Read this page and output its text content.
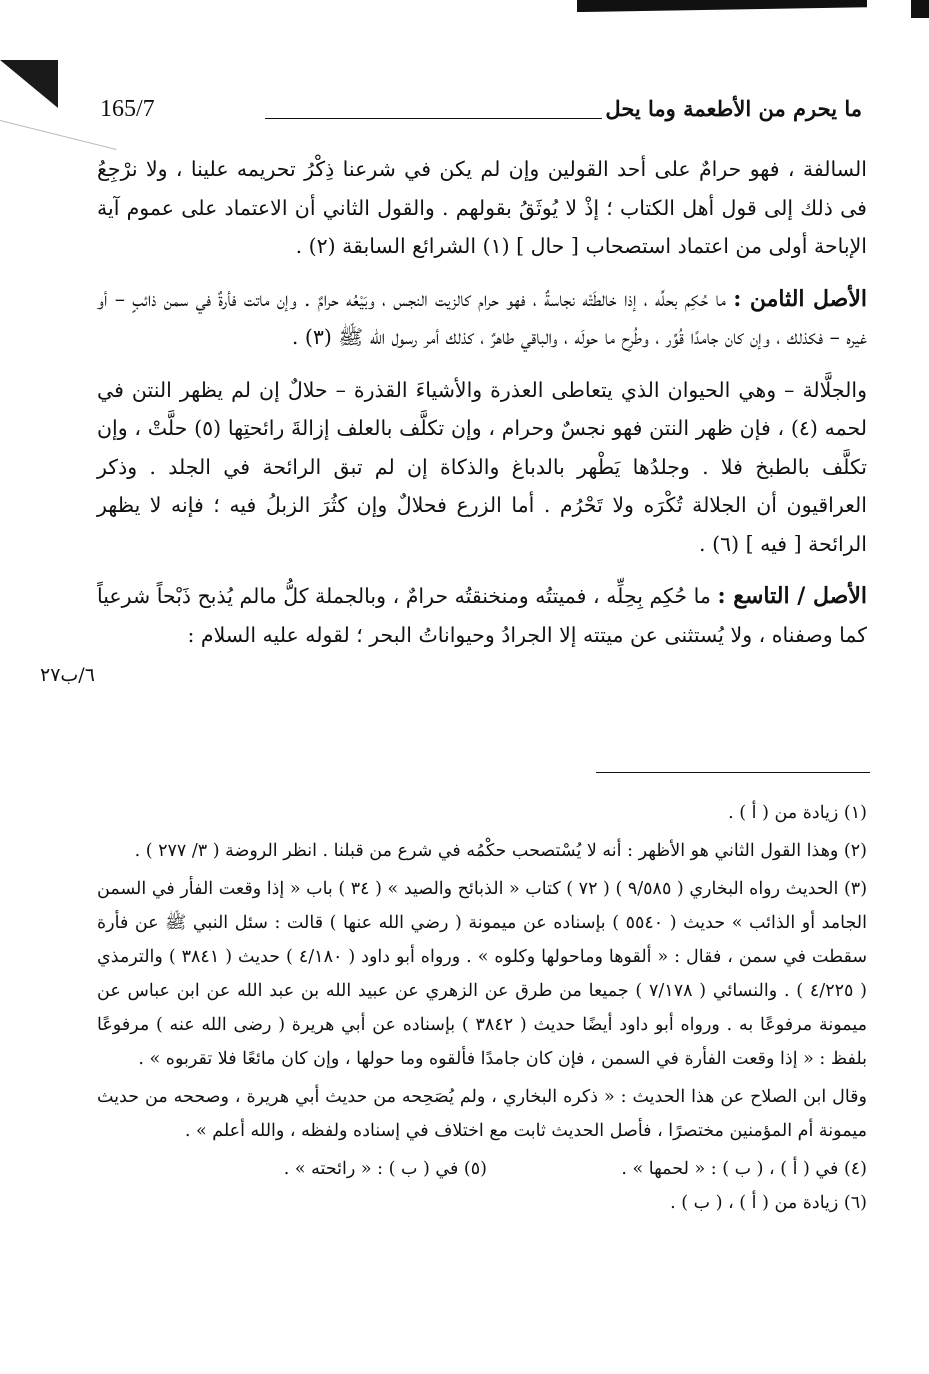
165/7	ما يحرم من الأطعمة وما يحل
۲۷٦/ب

السالفة ، فهو حرامٌ على أحد القولين وإن لم يكن في شرعنا ذِكْرُ تحريمه علينا ، ولا نرْجِعُ فى ذلك إلى قول أهل الكتاب ؛ إذْ لا يُوثَقُ بقولهم . والقول الثاني أن الاعتماد على عموم آية الإباحة أولى من اعتماد استصحاب [ حال ] (١) الشرائع السابقة (٢) .

الأصل الثامن : ما حُكِم بحلِّه ، إذا خالطَتْه نجاسةٌ ، فهو حرام كالزيت النجس ، وبَيْعُه حرامٌ . وإن ماتت فأرةٌ في سمن ذائبٍ – أو غيره – فكذلك ، وإن كان جامدًا قُوِّر ، وطُرِح ما حولَه ، والباقي طاهرٌ ، كذلك أمر رسول الله ﷺ (٣) .

والجلَّالة – وهي الحيوان الذي يتعاطى العذرة والأشياءَ القذرة – حلالٌ إن لم يظهر النتن في لحمه (٤) ، فإن ظهر النتن فهو نجسٌ وحرام ، وإن تكلَّف بالعلف إزالةَ رائحتِها (٥) حلَّتْ ، وإن تكلَّف بالطبخ فلا . وجلدُها يَطْهر بالدباغ والذكاة إن لم تبق الرائحة في الجلد . وذكر العراقيون أن الجلالة تُكْرَه ولا تَحْرُم . أما الزرع فحلالٌ وإن كثُرَ الزبلُ فيه ؛ فإنه لا يظهر الرائحة [ فيه ] (٦) .

الأصل / التاسع : ما حُكِم بِحِلِّه ، فميتتُه ومنخنقتُه حرامٌ ، وبالجملة كلُّ مالم يُذبح ذَبْحاً شرعياً كما وصفناه ، ولا يُستثنى عن ميتته إلا الجرادُ وحيواناتُ البحر ؛ لقوله عليه السلام :

(١) زيادة من ( أ ) .

(٢) وهذا القول الثاني هو الأظهر : أنه لا يُسْتصحب حكْمُه في شرع من قبلنا . انظر الروضة ( ٣/ ٢٧٧ ) .

(٣) الحديث رواه البخاري ( ٩/٥٨٥ ) ( ٧٢ ) كتاب « الذبائح والصيد » ( ٣٤ ) باب « إذا وقعت الفأر في السمن الجامد أو الذائب » حديث ( ٥٥٤٠ ) بإسناده عن ميمونة ( رضي الله عنها ) قالت : سئل النبي ﷺ عن فأرة سقطت في سمن ، فقال : « ألقوها وماحولها وكلوه » . ورواه أبو داود ( ٤/١٨٠ ) حديث ( ٣٨٤١ ) والترمذي ( ٤/٢٢٥ ) . والنسائي ( ٧/١٧٨ ) جميعا من طرق عن الزهري عن عبيد الله بن عبد الله عن ابن عباس عن ميمونة مرفوعًا به . ورواه أبو داود أيضًا حديث ( ٣٨٤٢ ) بإسناده عن أبي هريرة ( رضى الله عنه ) مرفوعًا بلفظ : « إذا وقعت الفأرة في السمن ، فإن كان جامدًا فألقوه وما حولها ، وإن كان مائعًا فلا تقربوه » .

وقال ابن الصلاح عن هذا الحديث : « ذكره البخاري ، ولم يُصَحِحه من حديث أبي هريرة ، وصححه من حديث ميمونة أم المؤمنين مختصرًا ، فأصل الحديث ثابت مع اختلاف في إسناده ولفظه ، والله أعلم » .

(٤) في ( أ ) ، ( ب ) : « لحمها » .
(٥) في ( ب ) : « رائحته » .

(٦) زيادة من ( أ ) ، ( ب ) .
